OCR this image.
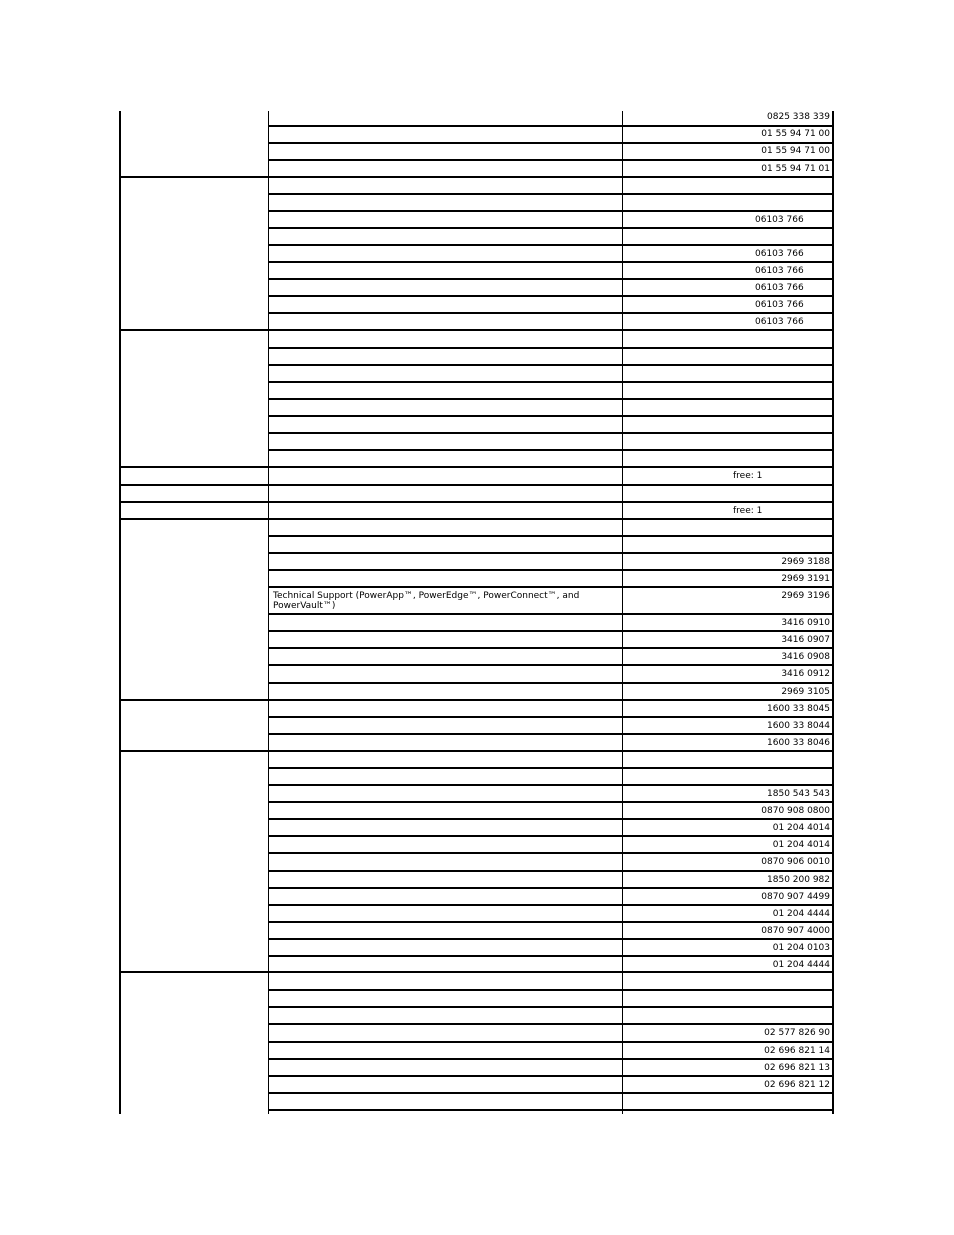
0825 338 339
01 55 94 71 00
01 55 94 71 00
01 55 94 71 01
06103 766
06103 766
06103 766
06103 766
06103 766
06103 766
free: 1
free: 1
2969 3188
2969 3191
Technical Support (PowerApp™, PowerEdge™, PowerConnect™, and PowerVault™)
2969 3196
3416 0910
3416 0907
3416 0908
3416 0912
2969 3105
1600 33 8045
1600 33 8044
1600 33 8046
1850 543 543
0870 908 0800
01 204 4014
01 204 4014
0870 906 0010
1850 200 982
0870 907 4499
01 204 4444
0870 907 4000
01 204 0103
01 204 4444
02 577 826 90
02 696 821 14
02 696 821 13
02 696 821 12
